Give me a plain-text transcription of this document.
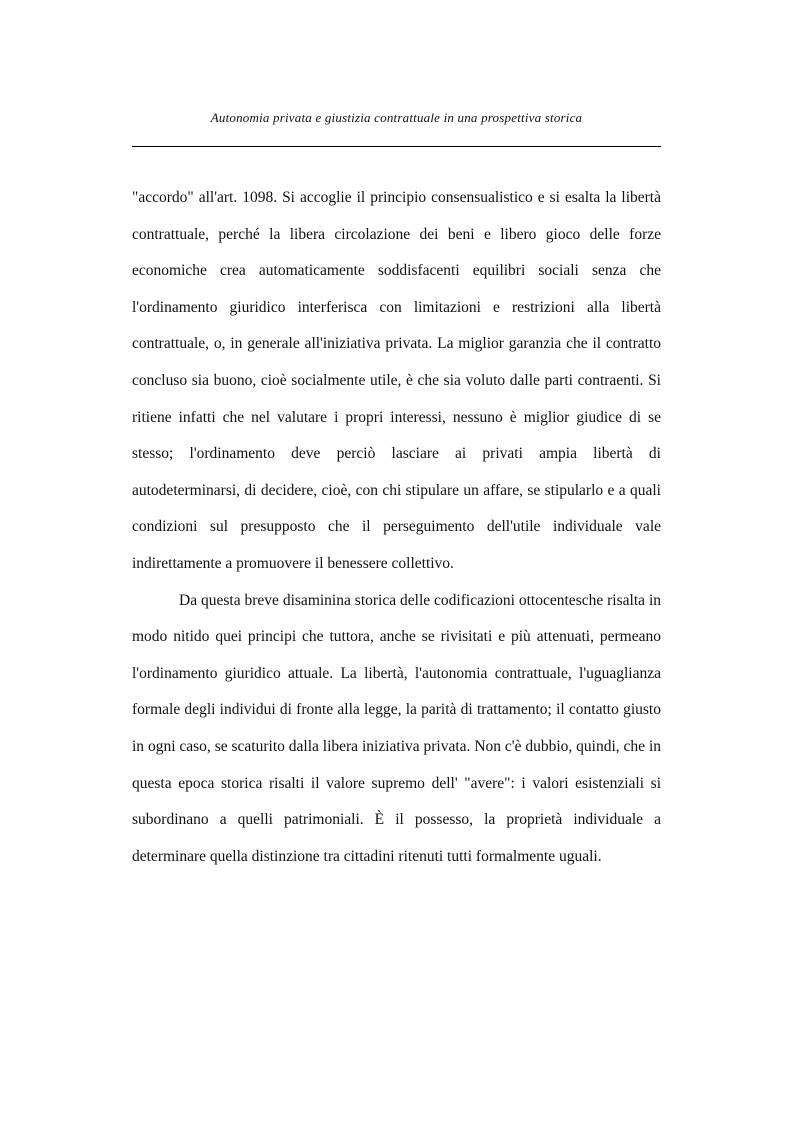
Autonomia privata e giustizia contrattuale in una prospettiva storica

"accordo" all'art. 1098. Si accoglie il principio consensualistico e si esalta la libertà contrattuale, perché la libera circolazione dei beni e libero gioco delle forze economiche crea automaticamente soddisfacenti equilibri sociali senza che l'ordinamento giuridico interferisca con limitazioni e restrizioni alla libertà contrattuale, o, in generale all'iniziativa privata. La miglior garanzia che il contratto concluso sia buono, cioè socialmente utile, è che sia voluto dalle parti contraenti. Si ritiene infatti che nel valutare i propri interessi, nessuno è miglior giudice di se stesso; l'ordinamento deve perciò lasciare ai privati ampia libertà di autodeterminarsi, di decidere, cioè, con chi stipulare un affare, se stipularlo e a quali condizioni sul presupposto che il perseguimento dell'utile individuale vale indirettamente a promuovere il benessere collettivo.

Da questa breve disaminina storica delle codificazioni ottocentesche risalta in modo nitido quei principi che tuttora, anche se rivisitati e più attenuati, permeano l'ordinamento giuridico attuale. La libertà, l'autonomia contrattuale, l'uguaglianza formale degli individui di fronte alla legge, la parità di trattamento; il contatto giusto in ogni caso, se scaturito dalla libera iniziativa privata. Non c'è dubbio, quindi, che in questa epoca storica risalti il valore supremo dell' "avere": i valori esistenziali si subordinano a quelli patrimoniali. È il possesso, la proprietà individuale a determinare quella distinzione tra cittadini ritenuti tutti formalmente uguali.
